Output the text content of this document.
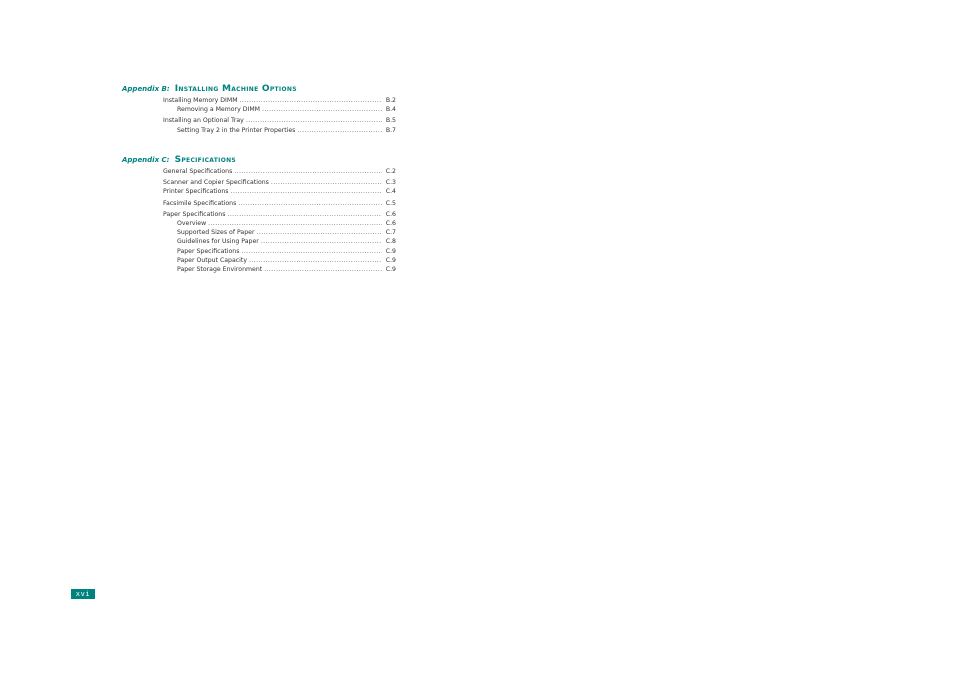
Appendix B: Installing Machine Options
Installing Memory DIMM .....	B.2
Removing a Memory DIMM .....	B.4
Installing an Optional Tray .....	B.5
Setting Tray 2 in the Printer Properties .....	B.7
Appendix C: Specifications
General Specifications .....	C.2
Scanner and Copier Specifications .....	C.3
Printer Specifications .....	C.4
Facsimile Specifications .....	C.5
Paper Specifications .....	C.6
Overview .....	C.6
Supported Sizes of Paper .....	C.7
Guidelines for Using Paper .....	C.8
Paper Specifications .....	C.9
Paper Output Capacity .....	C.9
Paper Storage Environment .....	C.9
xvi
